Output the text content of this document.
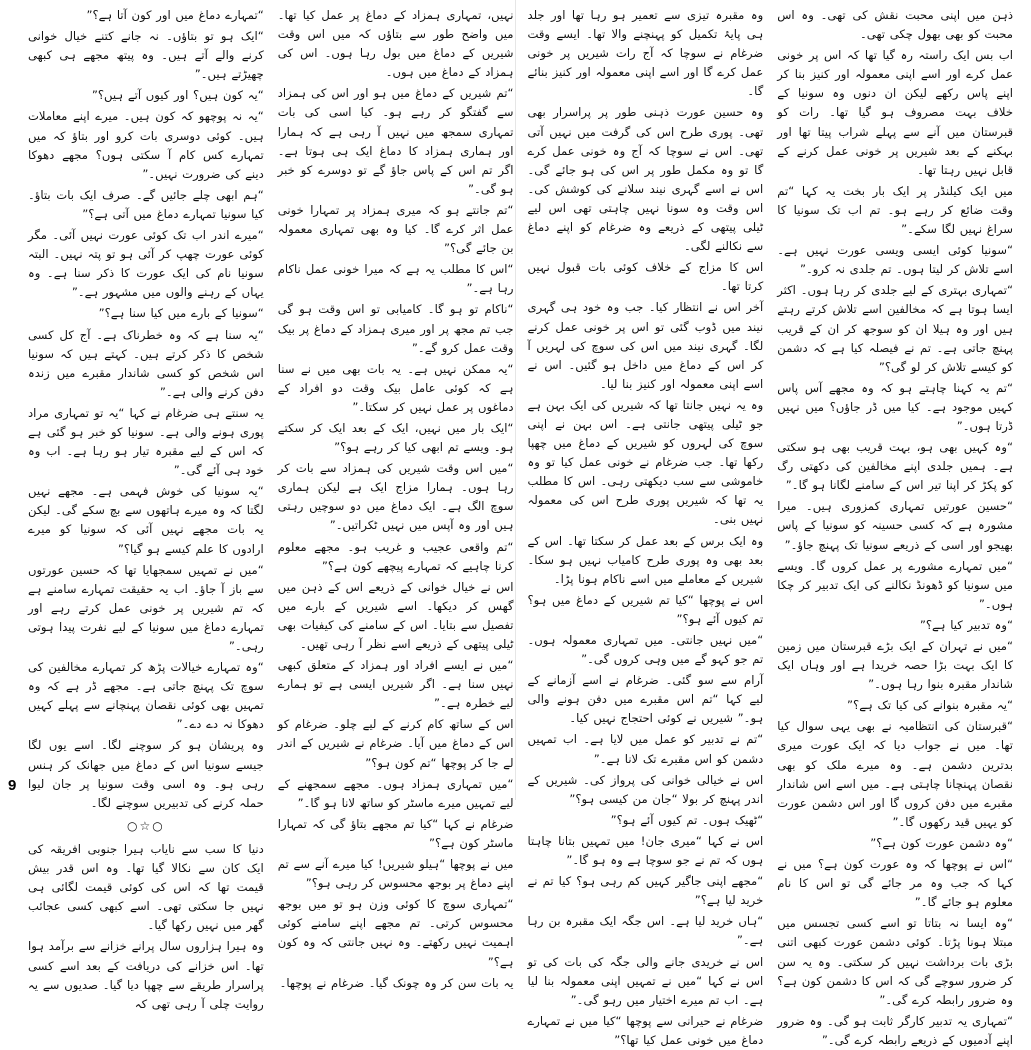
ذہن میں اپنی محبت نقش کی تھی۔ وہ اس محبت کو بھی بھول چکی تھی۔

اب بس ایک راستہ رہ گیا تھا کہ اس پر خونی عمل کرے اور اسے اپنی معمولہ اور کنیز بنا کر اپنے پاس رکھے لیکن ان دنوں وہ سونیا کے خلاف بہت مصروف ہو گیا تھا۔ رات کو قبرستان میں آنے سے پہلے شراب پیتا تھا اور بہکنے کے بعد شیریں پر خونی عمل کرنے کے قابل نہیں رہتا تھا۔

میں ایک کیلنڈر پر ایک بار بخت یہ کہا “تم وقت ضائع کر رہے ہو۔ تم اب تک سونیا کا سراغ نہیں لگا سکے۔”

“سونیا کوئی ایسی ویسی عورت نہیں ہے۔ اسے تلاش کر لیتا ہوں۔ تم جلدی نہ کرو۔”

“تمہاری بہتری کے لیے جلدی کر رہا ہوں۔ اکثر ایسا ہوتا ہے کہ مخالفین اسے تلاش کرتے رہتے ہیں اور وہ ہیلا ان کو سوجھ کر ان کے قریب پہنچ جاتی ہے۔ تم نے فیصلہ کیا ہے کہ دشمن کو کیسے تلاش کر لو گی؟”

“تم یہ کہنا چاہتے ہو کہ وہ مجھے آس پاس کہیں موجود ہے۔ کیا میں ڈر جاؤں؟ میں نہیں ڈرتا ہوں۔”

“وہ کہیں بھی ہو، بہت قریب بھی ہو سکتی ہے۔ ہمیں جلدی اپنے مخالفین کی دکھتی رگ کو پکڑ کر اپنا تیر اس کے سامنے لگانا ہو گا۔”

“حسین عورتیں تمہاری کمزوری ہیں۔ میرا مشورہ ہے کہ کسی حسینہ کو سونیا کے پاس بھیجو اور اسی کے ذریعے سونیا تک پہنچ جاؤ۔”

“میں تمہارے مشورے پر عمل کروں گا۔ ویسے میں سونیا کو ڈھونڈ نکالنے کی ایک تدبیر کر چکا ہوں۔”

“وہ تدبیر کیا ہے؟”

“میں نے تہران کے ایک بڑے قبرستان میں زمین کا ایک بہت بڑا حصہ خریدا ہے اور وہاں ایک شاندار مقبرہ بنوا رہا ہوں۔”

“یہ مقبرہ بنوانے کی کیا تک ہے؟”

“قبرستان کی انتظامیہ نے بھی یہی سوال کیا تھا۔ میں نے جواب دیا کہ ایک عورت میری بدترین دشمن ہے۔ وہ میرے ملک کو بھی نقصان پہنچانا چاہتی ہے۔ میں اسے اس شاندار مقبرے میں دفن کروں گا اور اس دشمن عورت کو یہیں قید رکھوں گا۔”

“وہ دشمن عورت کون ہے؟”

“اس نے پوچھا کہ وہ عورت کون ہے؟ میں نے کہا کہ جب وہ مر جائے گی تو اس کا نام معلوم ہو جائے گا۔”

“وہ ایسا نہ بتاتا تو اسے کسی تجسس میں مبتلا ہونا پڑتا۔ کوئی دشمن عورت کبھی اتنی بڑی بات برداشت نہیں کر سکتی۔ وہ یہ سن کر ضرور سوچے گی کہ اس کا دشمن کون ہے؟ وہ ضرور رابطہ کرے گی۔”

“تمہاری یہ تدبیر کارگر ثابت ہو گی۔ وہ ضرور اپنے آدمیوں کے ذریعے رابطہ کرے گی۔”

وہ مقبرہ تیزی سے تعمیر ہو رہا تھا اور جلد ہی پایۂ تکمیل کو پہنچنے والا تھا۔ ایسے وقت ضرغام نے سوچا کہ آج رات شیریں پر خونی عمل کرے گا اور اسے اپنی معمولہ اور کنیز بنائے گا۔

وہ حسین عورت ذہنی طور پر پراسرار بھی تھی۔ پوری طرح اس کی گرفت میں نہیں آتی تھی۔ اس نے سوچا کہ آج وہ خونی عمل کرے گا تو وہ مکمل طور پر اس کی ہو جائے گی۔ اس نے اسے گہری نیند سلانے کی کوشش کی۔ اس وقت وہ سونا نہیں چاہتی تھی اس لیے ٹیلی پیتھی کے ذریعے وہ ضرغام کو اپنے دماغ سے نکالنے لگی۔

اس کا مزاج کے خلاف کوئی بات قبول نہیں کرتا تھا۔

آخر اس نے انتظار کیا۔ جب وہ خود ہی گہری نیند میں ڈوب گئی تو اس پر خونی عمل کرنے لگا۔ گہری نیند میں اس کی سوچ کی لہریں آ کر اس کے دماغ میں داخل ہو گئیں۔ اس نے اسے اپنی معمولہ اور کنیز بنا لیا۔

وہ یہ نہیں جانتا تھا کہ شیریں کی ایک بہن ہے جو ٹیلی پیتھی جانتی ہے۔ اس بہن نے اپنی سوچ کی لہروں کو شیریں کے دماغ میں چھپا رکھا تھا۔ جب ضرغام نے خونی عمل کیا تو وہ خاموشی سے سب دیکھتی رہی۔ اس کا مطلب یہ تھا کہ شیریں پوری طرح اس کی معمولہ نہیں بنی۔

وہ ایک برس کے بعد عمل کر سکتا تھا۔ اس کے بعد بھی وہ پوری طرح کامیاب نہیں ہو سکا۔ شیریں کے معاملے میں اسے ناکام ہونا پڑا۔

اس نے پوچھا “کیا تم شیریں کے دماغ میں ہو؟ تم کیوں آئے ہو؟”

“میں نہیں جانتی۔ میں تمہاری معمولہ ہوں۔ تم جو کہو گے میں وہی کروں گی۔”

آرام سے سو گئی۔ ضرغام نے اسے آزمانے کے لیے کہا “تم اس مقبرے میں دفن ہونے والی ہو۔” شیریں نے کوئی احتجاج نہیں کیا۔

“تم نے تدبیر کو عمل میں لایا ہے۔ اب تمہیں دشمن کو اس مقبرے تک لانا ہے۔”

اس نے خیالی خوانی کی پرواز کی۔ شیریں کے اندر پہنچ کر بولا “جان من کیسی ہو؟”

“ٹھیک ہوں۔ تم کیوں آئے ہو؟”

اس نے کہا “میری جان! میں تمہیں بتانا چاہتا ہوں کہ تم نے جو سوچا ہے وہ ہو گا۔”

“مجھے اپنی جاگیر کہیں کم رہی ہو؟ کیا تم نے خرید لیا ہے؟”

“ہاں خرید لیا ہے۔ اس جگہ ایک مقبرہ بن رہا ہے۔”

اس نے خریدی جانے والی جگہ کی بات کی تو اس نے کہا “میں نے تمہیں اپنی معمولہ بنا لیا ہے۔ اب تم میرے اختیار میں رہو گی۔”

ضرغام نے حیرانی سے پوچھا “کیا میں نے تمہارے دماغ میں خونی عمل کیا تھا؟”

نہیں، تمہاری ہمزاد کے دماغ پر عمل کیا تھا۔ میں واضح طور سے بتاؤں کہ میں اس وقت شیریں کے دماغ میں بول رہا ہوں۔ اس کی ہمزاد کے دماغ میں ہوں۔

“تم شیریں کے دماغ میں ہو اور اس کی ہمزاد سے گفتگو کر رہے ہو۔ کیا اسی کی بات تمہاری سمجھ میں نہیں آ رہی ہے کہ ہمارا اور ہماری ہمزاد کا دماغ ایک ہی ہوتا ہے۔ اگر تم اس کے پاس جاؤ گے تو دوسرے کو خبر ہو گی۔”

“تم جانتے ہو کہ میری ہمزاد پر تمہارا خونی عمل اثر کرے گا۔ کیا وہ بھی تمہاری معمولہ بن جائے گی؟”

“اس کا مطلب یہ ہے کہ میرا خونی عمل ناکام رہا ہے۔”

“ناکام تو ہو گا۔ کامیابی تو اس وقت ہو گی جب تم مجھ پر اور میری ہمزاد کے دماغ پر بیک وقت عمل کرو گے۔”

“یہ ممکن نہیں ہے۔ یہ بات بھی میں نے سنا ہے کہ کوئی عامل بیک وقت دو افراد کے دماغوں پر عمل نہیں کر سکتا۔”

“ایک بار میں نہیں، ایک کے بعد ایک کر سکتے ہو۔ ویسے تم ابھی کیا کر رہے ہو؟”

“میں اس وقت شیریں کی ہمزاد سے بات کر رہا ہوں۔ ہمارا مزاج ایک ہے لیکن ہماری سوچ الگ ہے۔ ایک دماغ میں دو سوچیں رہتی ہیں اور وہ آپس میں نہیں ٹکراتیں۔”

“تم واقعی عجیب و غریب ہو۔ مجھے معلوم کرنا چاہیے کہ تمہارے پیچھے کون ہے؟”

اس نے خیال خوانی کے ذریعے اس کے ذہن میں گھس کر دیکھا۔ اسے شیریں کے بارے میں تفصیل سے بتایا۔ اس کے سامنے کی کیفیات بھی ٹیلی پیتھی کے ذریعے اسے نظر آ رہی تھیں۔

“میں نے ایسے افراد اور ہمزاد کے متعلق کبھی نہیں سنا ہے۔ اگر شیریں ایسی ہے تو ہمارے لیے خطرہ ہے۔”

اس کے ساتھ کام کرنے کے لیے چلو۔ ضرغام کو اس کے دماغ میں آیا۔ ضرغام نے شیریں کے اندر لے جا کر پوچھا “تم کون ہو؟”

“میں تمہاری ہمزاد ہوں۔ مجھے سمجھنے کے لیے تمہیں میرے ماسٹر کو ساتھ لانا ہو گا۔”

ضرغام نے کہا “کیا تم مجھے بتاؤ گی کہ تمہارا ماسٹر کون ہے؟”

میں نے پوچھا “ہیلو شیریں! کیا میرے آنے سے تم اپنے دماغ پر بوجھ محسوس کر رہی ہو؟”

“تمہاری سوچ کا کوئی وزن ہو تو میں بوجھ محسوس کرتی۔ تم مجھے اپنے سامنے کوئی اہمیت نہیں رکھتے۔ وہ نہیں جانتی کہ وہ کون ہے؟”

یہ بات سن کر وہ چونک گیا۔ ضرغام نے پوچھا۔

“تمہارے دماغ میں اور کون آتا ہے؟”

“ایک ہو تو بتاؤں۔ نہ جانے کتنے خیال خوانی کرنے والے آتے ہیں۔ وہ پیتھ مجھے ہی کبھی چھیڑتے ہیں۔”

“یہ کون ہیں؟ اور کیوں آتے ہیں؟”

“یہ نہ پوچھو کہ کون ہیں۔ میرے اپنے معاملات ہیں۔ کوئی دوسری بات کرو اور بتاؤ کہ میں تمہارے کس کام آ سکتی ہوں؟ مجھے دھوکا دینے کی ضرورت نہیں۔”

“ہم ابھی چلے جائیں گے۔ صرف ایک بات بتاؤ۔ کیا سونیا تمہارے دماغ میں آتی ہے؟”

“میرے اندر اب تک کوئی عورت نہیں آئی۔ مگر کوئی عورت چھپ کر آئی ہو تو پتہ نہیں۔ البتہ سونیا نام کی ایک عورت کا ذکر سنا ہے۔ وہ یہاں کے رہنے والوں میں مشہور ہے۔”

“سونیا کے بارے میں کیا سنا ہے؟”

“یہ سنا ہے کہ وہ خطرناک ہے۔ آج کل کسی شخص کا ذکر کرتے ہیں۔ کہتے ہیں کہ سونیا اس شخص کو کسی شاندار مقبرے میں زندہ دفن کرنے والی ہے۔”

یہ سنتے ہی ضرغام نے کہا “یہ تو تمہاری مراد پوری ہونے والی ہے۔ سونیا کو خبر ہو گئی ہے کہ اس کے لیے مقبرہ تیار ہو رہا ہے۔ اب وہ خود ہی آئے گی۔”

“یہ سونیا کی خوش فہمی ہے۔ مجھے نہیں لگتا کہ وہ میرے ہاتھوں سے بچ سکے گی۔ لیکن یہ بات مجھے نہیں آئی کہ سونیا کو میرے ارادوں کا علم کیسے ہو گیا؟”

“میں نے تمہیں سمجھایا تھا کہ حسین عورتوں سے باز آ جاؤ۔ اب یہ حقیقت تمہارے سامنے ہے کہ تم شیریں پر خونی عمل کرتے رہے اور تمہارے دماغ میں سونیا کے لیے نفرت پیدا ہوتی رہی۔”

“وہ تمہارے خیالات پڑھ کر تمہارے مخالفین کی سوچ تک پہنچ جاتی ہے۔ مجھے ڈر ہے کہ وہ تمہیں بھی کوئی نقصان پہنچانے سے پہلے کہیں دھوکا نہ دے دے۔”

وہ پریشان ہو کر سوچنے لگا۔ اسے یوں لگا جیسے سونیا اس کے دماغ میں جھانک کر ہنس رہی ہو۔ وہ اسی وقت سونیا پر جان لیوا حملہ کرنے کی تدبیریں سوچنے لگا۔

○☆○

دنیا کا سب سے نایاب ہیرا جنوبی افریقہ کی ایک کان سے نکالا گیا تھا۔ وہ اس قدر بیش قیمت تھا کہ اس کی کوئی قیمت لگائی ہی نہیں جا سکتی تھی۔ اسے کبھی کسی عجائب گھر میں نہیں رکھا گیا۔

وہ ہیرا ہزاروں سال پرانے خزانے سے برآمد ہوا تھا۔ اس خزانے کی دریافت کے بعد اسے کسی پراسرار طریقے سے چھپا دیا گیا۔ صدیوں سے یہ روایت چلی آ رہی تھی کہ

9
